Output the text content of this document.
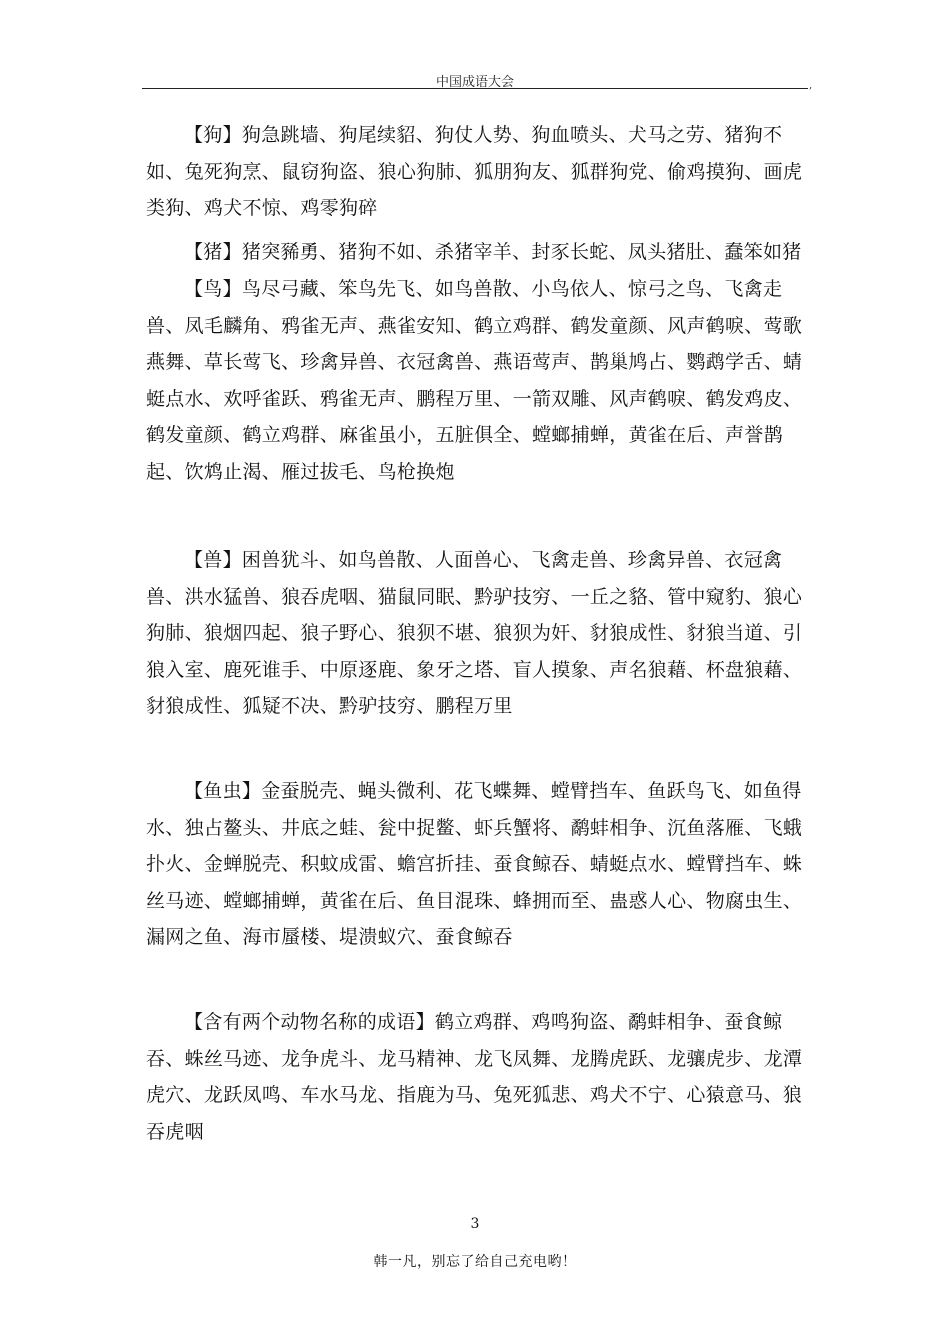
中国成语大会	,
【狗】狗急跳墙、狗尾续貂、狗仗人势、狗血喷头、犬马之劳、猪狗不如、兔死狗烹、鼠窃狗盗、狼心狗肺、狐朋狗友、狐群狗党、偷鸡摸狗、画虎类狗、鸡犬不惊、鸡零狗碎
【猪】猪突豨勇、猪狗不如、杀猪宰羊、封豕长蛇、凤头猪肚、蠢笨如猪
【鸟】鸟尽弓藏、笨鸟先飞、如鸟兽散、小鸟依人、惊弓之鸟、飞禽走兽、凤毛麟角、鸦雀无声、燕雀安知、鹤立鸡群、鹤发童颜、风声鹤唳、莺歌燕舞、草长莺飞、珍禽异兽、衣冠禽兽、燕语莺声、鹊巢鸠占、鹦鹉学舌、蜻蜓点水、欢呼雀跃、鸦雀无声、鹏程万里、一箭双雕、风声鹤唳、鹤发鸡皮、鹤发童颜、鹤立鸡群、麻雀虽小，五脏俱全、螳螂捕蝉，黄雀在后、声誉鹊起、饮鸩止渴、雁过拔毛、鸟枪换炮
【兽】困兽犹斗、如鸟兽散、人面兽心、飞禽走兽、珍禽异兽、衣冠禽兽、洪水猛兽、狼吞虎咽、猫鼠同眠、黔驴技穷、一丘之貉、管中窥豹、狼心狗肺、狼烟四起、狼子野心、狼狈不堪、狼狈为奸、豺狼成性、豺狼当道、引狼入室、鹿死谁手、中原逐鹿、象牙之塔、盲人摸象、声名狼藉、杯盘狼藉、豺狼成性、狐疑不决、黔驴技穷、鹏程万里
【鱼虫】金蚕脱壳、蝇头微利、花飞蝶舞、螳臂挡车、鱼跃鸟飞、如鱼得水、独占鳌头、井底之蛙、瓮中捉鳖、虾兵蟹将、鹬蚌相争、沉鱼落雁、飞蛾扑火、金蝉脱壳、积蚊成雷、蟾宫折挂、蚕食鲸吞、蜻蜓点水、螳臂挡车、蛛丝马迹、螳螂捕蝉，黄雀在后、鱼目混珠、蜂拥而至、蛊惑人心、物腐虫生、漏网之鱼、海市蜃楼、堤溃蚁穴、蚕食鲸吞
【含有两个动物名称的成语】鹤立鸡群、鸡鸣狗盗、鹬蚌相争、蚕食鲸吞、蛛丝马迹、龙争虎斗、龙马精神、龙飞凤舞、龙腾虎跃、龙骧虎步、龙潭虎穴、龙跃凤鸣、车水马龙、指鹿为马、兔死狐悲、鸡犬不宁、心猿意马、狼吞虎咽
3
韩一凡，别忘了给自己充电哟！
